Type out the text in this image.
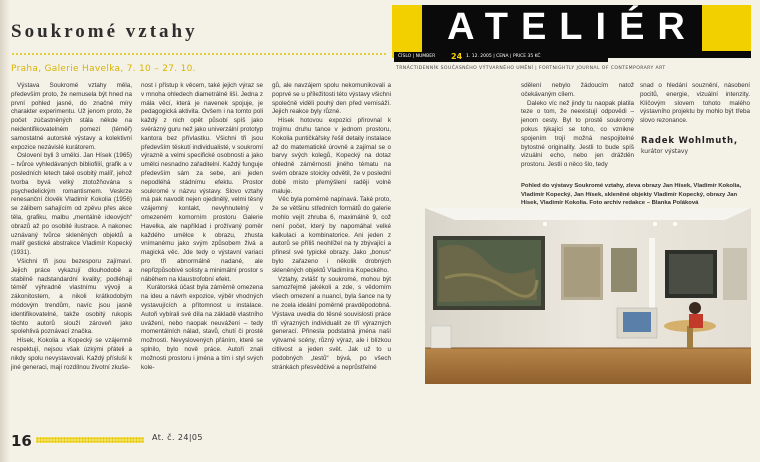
Soukromé vztahy
Praha, Galerie Havelka, 7. 10 – 27. 10.

Výstava Soukromé vztahy měla, především proto, že nemusela být hned na první pohled jasné, do značné míry charakter experimentu. Už jenom proto, že počet zúčastněných stála někde na neidentifikovatelném pomezí (téměř) samostatné autorské výstavy a kolektivní expozice nezávislé kurátorem.

Oslovení byli 3 umělci. Jan Hísek (1965) – tvůrce vyhledávaných bibliofilií, grafik a v posledních letech také osobitý malíř, jehož tvorba byvá velký ztotožňována s psychedelickým romantismem. Veskrze renesanční člověk Vladimír Kokolia (1956) se zálibem sahajícím od zpěvu přes akce těla, grafiku, malbu „mentálně ideových“ obrazů až po osobité ilustrace. A nakonec uznávaný tvůrce skleněných objektů a malíř gestické abstrakce Vladimír Kopecký (1931).

Všichni tři jsou bezesporu zajímaví. Jejich práce vykazují dlouhodobě a stabilně nadstandardní kvality; podléhají téměř výhradně vlastnímu vývoji a zákonitostem, a nikoli krátkodobým módovým trendům, navíc jsou jasně identifikovatelné, takže osobitý rukopis těchto autorů slouží zároveň jako spolehlivá poznávací značka.

Hísek, Kokolia a Kopecký se vzájemně respektují, nejsou však úzkými přáteli a nikdy spolu nevystavovali. Každý přísluší k jiné generaci, mají rozdílnou životní zkuše-

nost i přístup k věcem, také jejich výraz se v mnoha ohledech diametrálně liší. Jedna z mála věcí, která je navenek spojuje, je pedagogická aktivita. Ovšem i na tomto poli každý z nich opět působí spíš jako svérázný guru než jako univerzální prototyp kantora bez přívlastku. Všichni tři jsou především těskutí individualisté, v soukromí výrazně a velmi specifické osobnosti a jako umělci nesnadno zařaditelní. Každý funguje především sám za sebe, ani jeden nepodléhá stádnímu efektu. Prostor soukromé v názvu výstavy. Slovo vztahy má pak navodit nejen ojedinělý, velmi těsný vzájemný kontakt, nevyhnutelný v omezeném komorním prostoru Galerie Havelka, ale například i prožívaný poměr každého umělce k obrazu, zhusta vnímanému jako svým způsobem živá a magická věc. Jde tedy o výstavní variaci pro tři abnormálně nadané, ale nepřizpůsobivé solisty a minimální prostor s náběhem na klaustrofobní efekt.

Kurátorská účast byla záměrně omezena na ideu a návrh expozice, výběr vhodných vystavujících a přítomnost u instalace. Autoři vybírali své díla na základě vlastního uvážení, nebo naopak neuvážení – tedy momentálních nálad, stavů, chutí či prosté možnosti. Nevyslovených přáním, které se splnilo, bylo nově práce. Autoři znali možnosti prostoru i jména a tím i styl svých kole-

gů, ale navzájem spolu nekomunikovali a poprvé se u příležitosti této výstavy všichni společně viděli pouhý den před vernisáží. Jejich reakce byly různé.

Hísek hotovou expozici přirovnal k trojímu druhu tance v jednom prostoru, Kokolia puntičkářsky řešil detaily instalace až do matematické úrovně a zajímal se o barvy svých kolegů, Kopecký na dotaz ohledně záměrnosti jiného tématu na svém obraze stoicky odvětil, že v poslední době místo přemýšlení raději volně maluje.

Věc byla poměrně napínavá. Také proto, že se většinu středních formátů do galerie mohlo vejít zhruba 6, maximálně 9, což není počet, který by napomáhal velké kalkulaci a kombinatorice. Ani jeden z autorů se příliš neohlížel na ty zbývající a přinesl své typické obrazy. Jako „bonus“ bylo zařazeno i několik drobných skleněných objektů Vladimíra Kopeckého.

Vztahy, zvlášť ty soukromé, mohou být samozřejmě jakékoli a zde, s vědomím všech omezení a nuancí, byla šance na ty ne zcela ideální poměrně pravděpodobná. Výstava uvedla do těsné souvislosti práce tří výrazných individualit ze tří výrazných generací. Přinesla podstatná jména naší výtvarné scény, různý výraz, ale i blízkou citlivost a jeden svět. Jak už to u podobných „testů“ bývá, po všech stránkách přesvědčivé a neprůstřelné

ATELIÉR
ČÍSLO | NUMBER 24 1. 12. 2005 | CENA | PRICE 35 KČ
TRNÁCTIDENNÍK SOUČASNÉHO VÝTVARNÉHO UMĚNÍ | FORTNIGHTLY JOURNAL OF CONTEMPORARY ART

sdělení nebylo žádoucím natož očekávaným cílem.

Daleko víc než jindy tu naopak platila teze o tom, že neexistují odpovědi – jenom cesty. Byl to prostě soukromý pokus týkající se toho, co vznikne spojením trojí možná nespojitelné bytostné originality. Jestli to bude spíš vizuální echo, nebo jen drážděn prostoru. Jestli o něco šlo, tedy

snad o hledání souznění, násobení pocitů, energie, vizuální intenzity. Klíčovým slovem tohoto malého výstavního projektu by mohlo být třeba slovo rezonance.

Radek Wohlmuth,
kurátor výstavy
Pohled do výstavy Soukromé vztahy, zleva obrazy Jan Hísek, Vladimír Kokolia, Vladimír Kopecký, Jan Hísek, skleněné objekty Vladimír Kopecký, obrazy Jan Hísek, Vladimír Kokolia. Foto archiv redakce – Blanka Poláková
16	At. č. 24|05
